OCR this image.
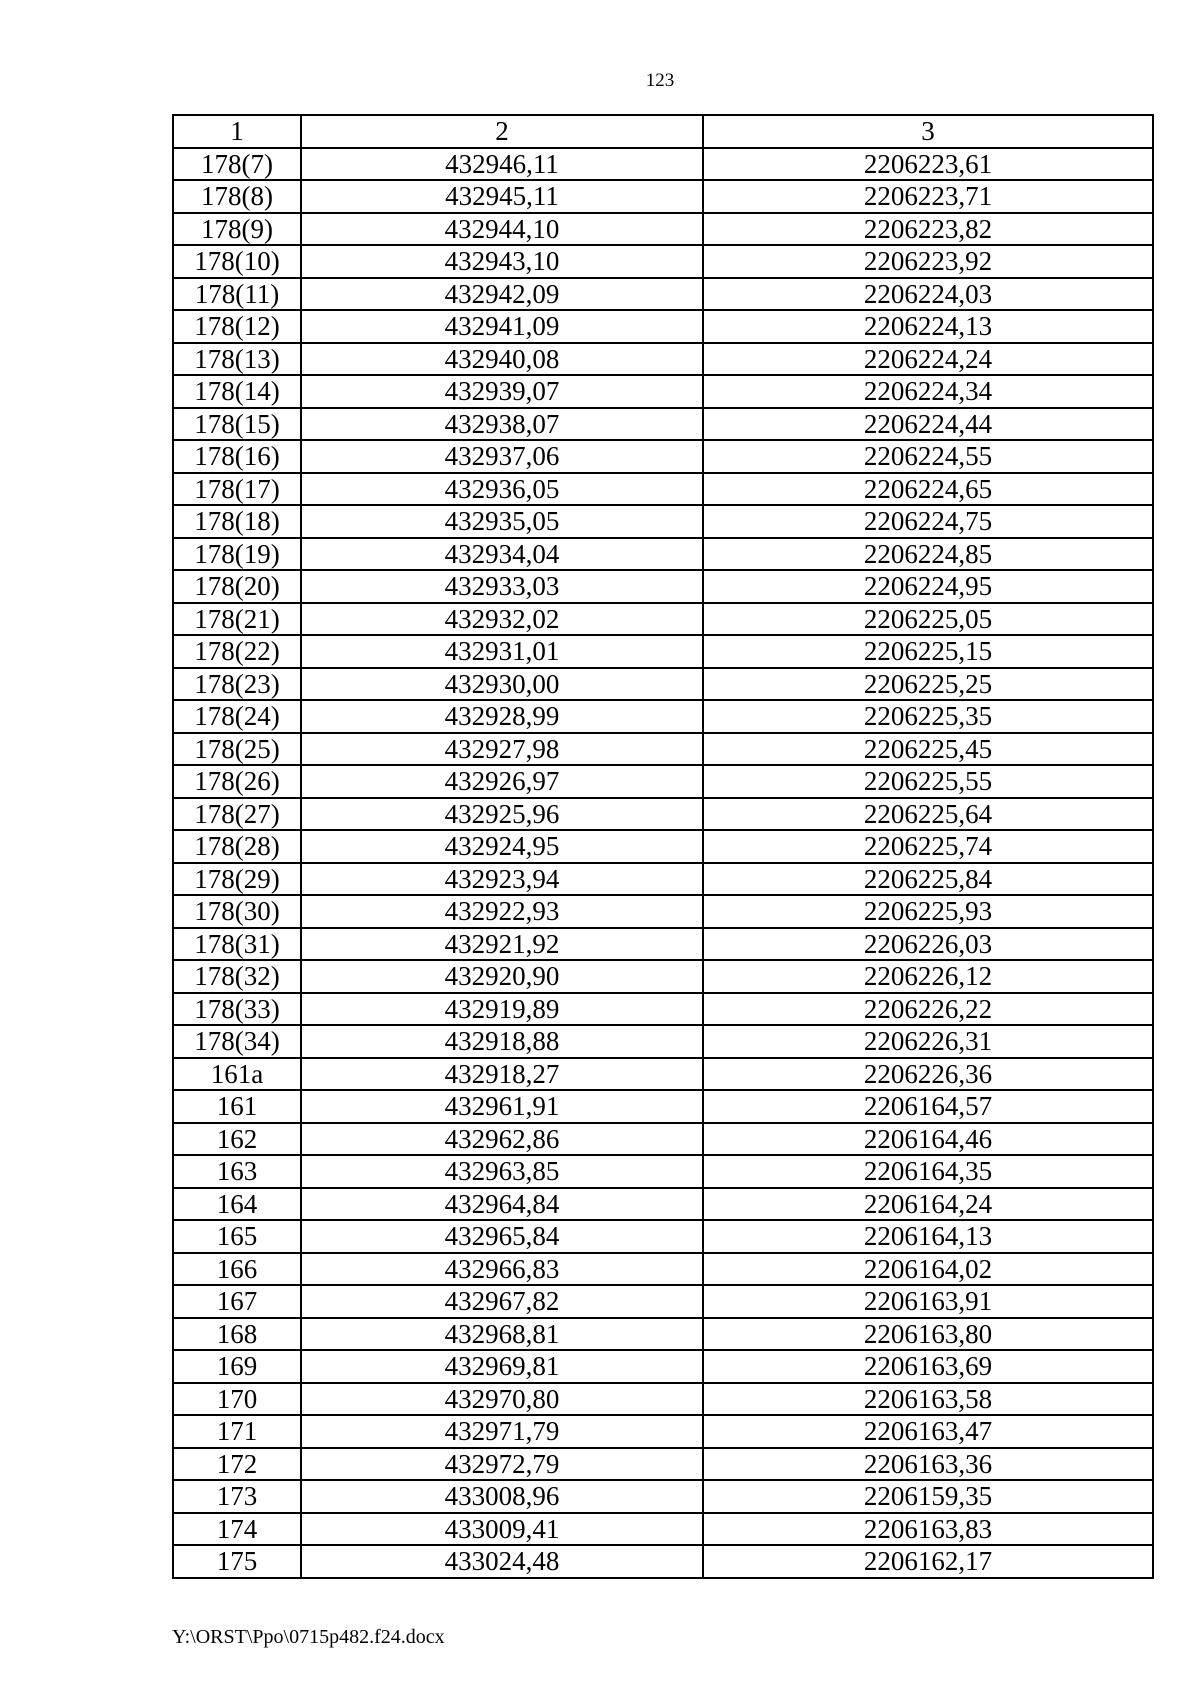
123
1	2	3
178(7)	432946,11	2206223,61
178(8)	432945,11	2206223,71
178(9)	432944,10	2206223,82
178(10)	432943,10	2206223,92
178(11)	432942,09	2206224,03
178(12)	432941,09	2206224,13
178(13)	432940,08	2206224,24
178(14)	432939,07	2206224,34
178(15)	432938,07	2206224,44
178(16)	432937,06	2206224,55
178(17)	432936,05	2206224,65
178(18)	432935,05	2206224,75
178(19)	432934,04	2206224,85
178(20)	432933,03	2206224,95
178(21)	432932,02	2206225,05
178(22)	432931,01	2206225,15
178(23)	432930,00	2206225,25
178(24)	432928,99	2206225,35
178(25)	432927,98	2206225,45
178(26)	432926,97	2206225,55
178(27)	432925,96	2206225,64
178(28)	432924,95	2206225,74
178(29)	432923,94	2206225,84
178(30)	432922,93	2206225,93
178(31)	432921,92	2206226,03
178(32)	432920,90	2206226,12
178(33)	432919,89	2206226,22
178(34)	432918,88	2206226,31
161a	432918,27	2206226,36
161	432961,91	2206164,57
162	432962,86	2206164,46
163	432963,85	2206164,35
164	432964,84	2206164,24
165	432965,84	2206164,13
166	432966,83	2206164,02
167	432967,82	2206163,91
168	432968,81	2206163,80
169	432969,81	2206163,69
170	432970,80	2206163,58
171	432971,79	2206163,47
172	432972,79	2206163,36
173	433008,96	2206159,35
174	433009,41	2206163,83
175	433024,48	2206162,17
Y:\ORST\Ppo\0715p482.f24.docx
